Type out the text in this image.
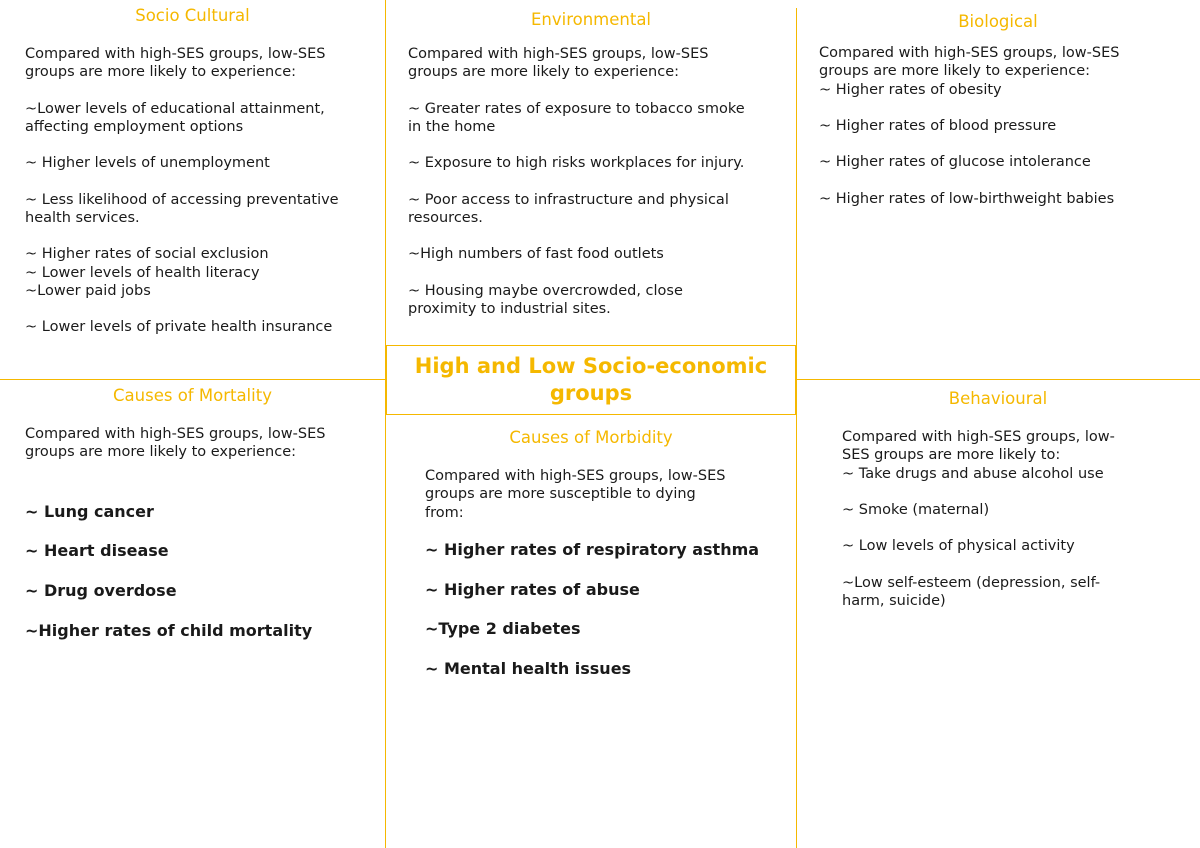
Socio Cultural

Compared with high-SES groups, low-SES
groups are more likely to experience:

~Lower levels of educational attainment,
affecting employment options
~ Higher levels of unemployment
~ Less likelihood of accessing preventative
health services.
~ Higher rates of social exclusion
~ Lower levels of health literacy
~Lower paid jobs
~ Lower levels of private health insurance

Environmental

Compared with high-SES groups, low-SES
groups are more likely to experience:

~ Greater rates of exposure to tobacco smoke
in the home
~ Exposure to high risks workplaces for injury.
~ Poor access to infrastructure and physical
resources.
~High numbers of fast food outlets
~ Housing maybe overcrowded, close
proximity to industrial sites.

Biological

Compared with high-SES groups, low-SES
groups are more likely to experience:

~ Higher rates of obesity
~ Higher rates of blood pressure
~ Higher rates of glucose intolerance
~ Higher rates of low-birthweight babies
High and Low Socio-economic groups

Causes of Mortality

Compared with high-SES groups, low-SES
groups are more likely to experience:

~ Lung cancer
~ Heart disease
~ Drug overdose
~Higher rates of child mortality

Causes of Morbidity

Compared with high-SES groups, low-SES
groups are more susceptible to dying
from:

~ Higher rates of respiratory asthma
~ Higher rates of abuse
~Type 2 diabetes
~ Mental health issues

Behavioural

Compared with high-SES groups, low-
SES groups are more likely to:

~ Take drugs and abuse alcohol use
~ Smoke (maternal)
~ Low levels of physical activity
~Low self-esteem (depression, self-
harm, suicide)
